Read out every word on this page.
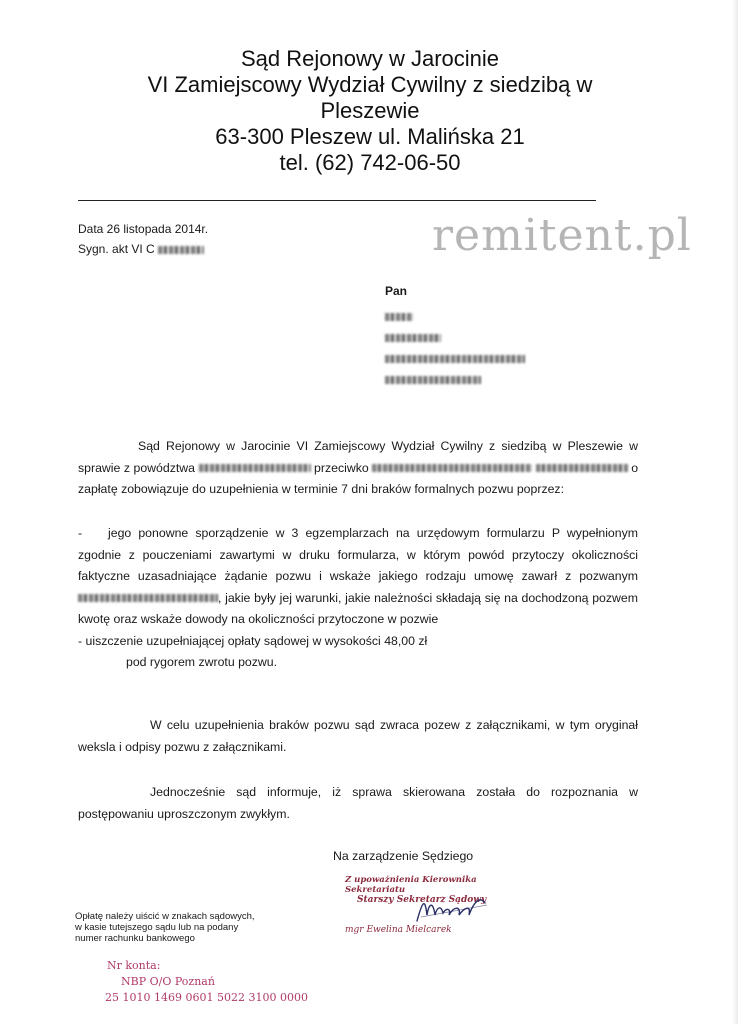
Sąd Rejonowy w Jarocinie
VI Zamiejscowy Wydział Cywilny z siedzibą w
Pleszewie
63-300 Pleszew ul. Malińska 21
tel. (62) 742-06-50
Data 26 listopada 2014r.
Sygn. akt VI C	remitent.pl
Pan
Sąd Rejonowy w Jarocinie VI Zamiejscowy Wydział Cywilny z siedzibą w Pleszewie w sprawie z powództwa	przeciwko	o zapłatę zobowiązuje do uzupełnienia w terminie 7 dni braków formalnych pozwu poprzez:
- jego ponowne sporządzenie w 3 egzemplarzach na urzędowym formularzu P wypełnionym zgodnie z pouczeniami zawartymi w druku formularza, w którym powód przytoczy okoliczności faktyczne uzasadniające żądanie pozwu i wskaże jakiego rodzaju umowę zawarł z pozwanym , jakie były jej warunki, jakie należności składają się na dochodzoną pozwem kwotę oraz wskaże dowody na okoliczności przytoczone w pozwie
- uiszczenie uzupełniającej opłaty sądowej w wysokości 48,00 zł
pod rygorem zwrotu pozwu.
W celu uzupełnienia braków pozwu sąd zwraca pozew z załącznikami, w tym oryginał weksla i odpisy pozwu z załącznikami.
Jednocześnie sąd informuje, iż sprawa skierowana została do rozpoznania w postępowaniu uproszczonym zwykłym.
Na zarządzenie Sędziego
Z upoważnienia Kierownika Sekretariatu
Starszy Sekretarz Sądowy
mgr Ewelina Mielcarek
Opłatę należy uiścić w znakach sądowych,
w kasie tutejszego sądu lub na podany
numer rachunku bankowego
Nr konta:
NBP O/O Poznań
25 1010 1469 0601 5022 3100 0000
